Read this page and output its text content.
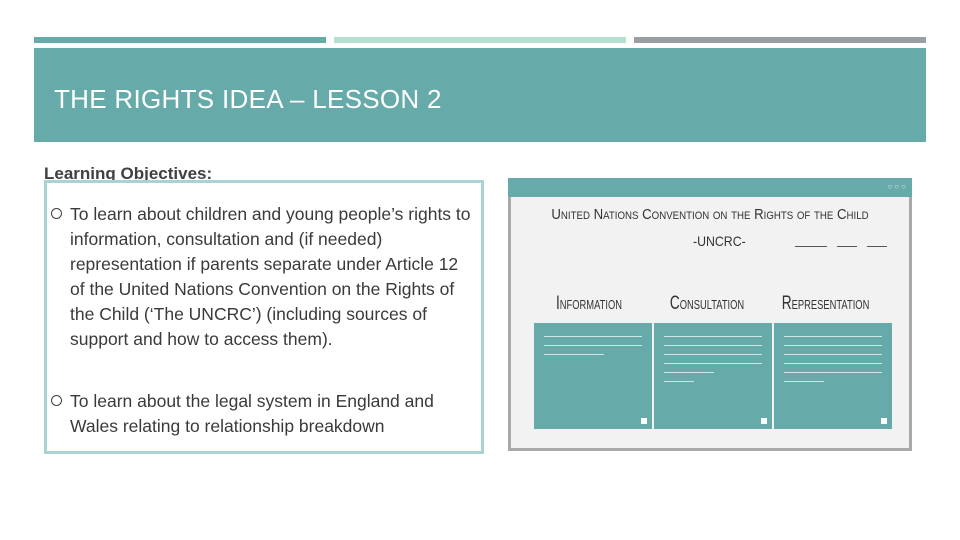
THE RIGHTS IDEA – LESSON 2
Learning Objectives:
To learn about children and young people’s rights to information, consultation and (if needed) representation if parents separate under Article 12 of the United Nations Convention on the Rights of the Child (‘The UNCRC’) (including sources of support and how to access them).
To learn about the legal system in England and Wales relating to relationship breakdown
○○○
United Nations Convention on the Rights of the Child
-UNCRC-
Information	Consultation	Representation
